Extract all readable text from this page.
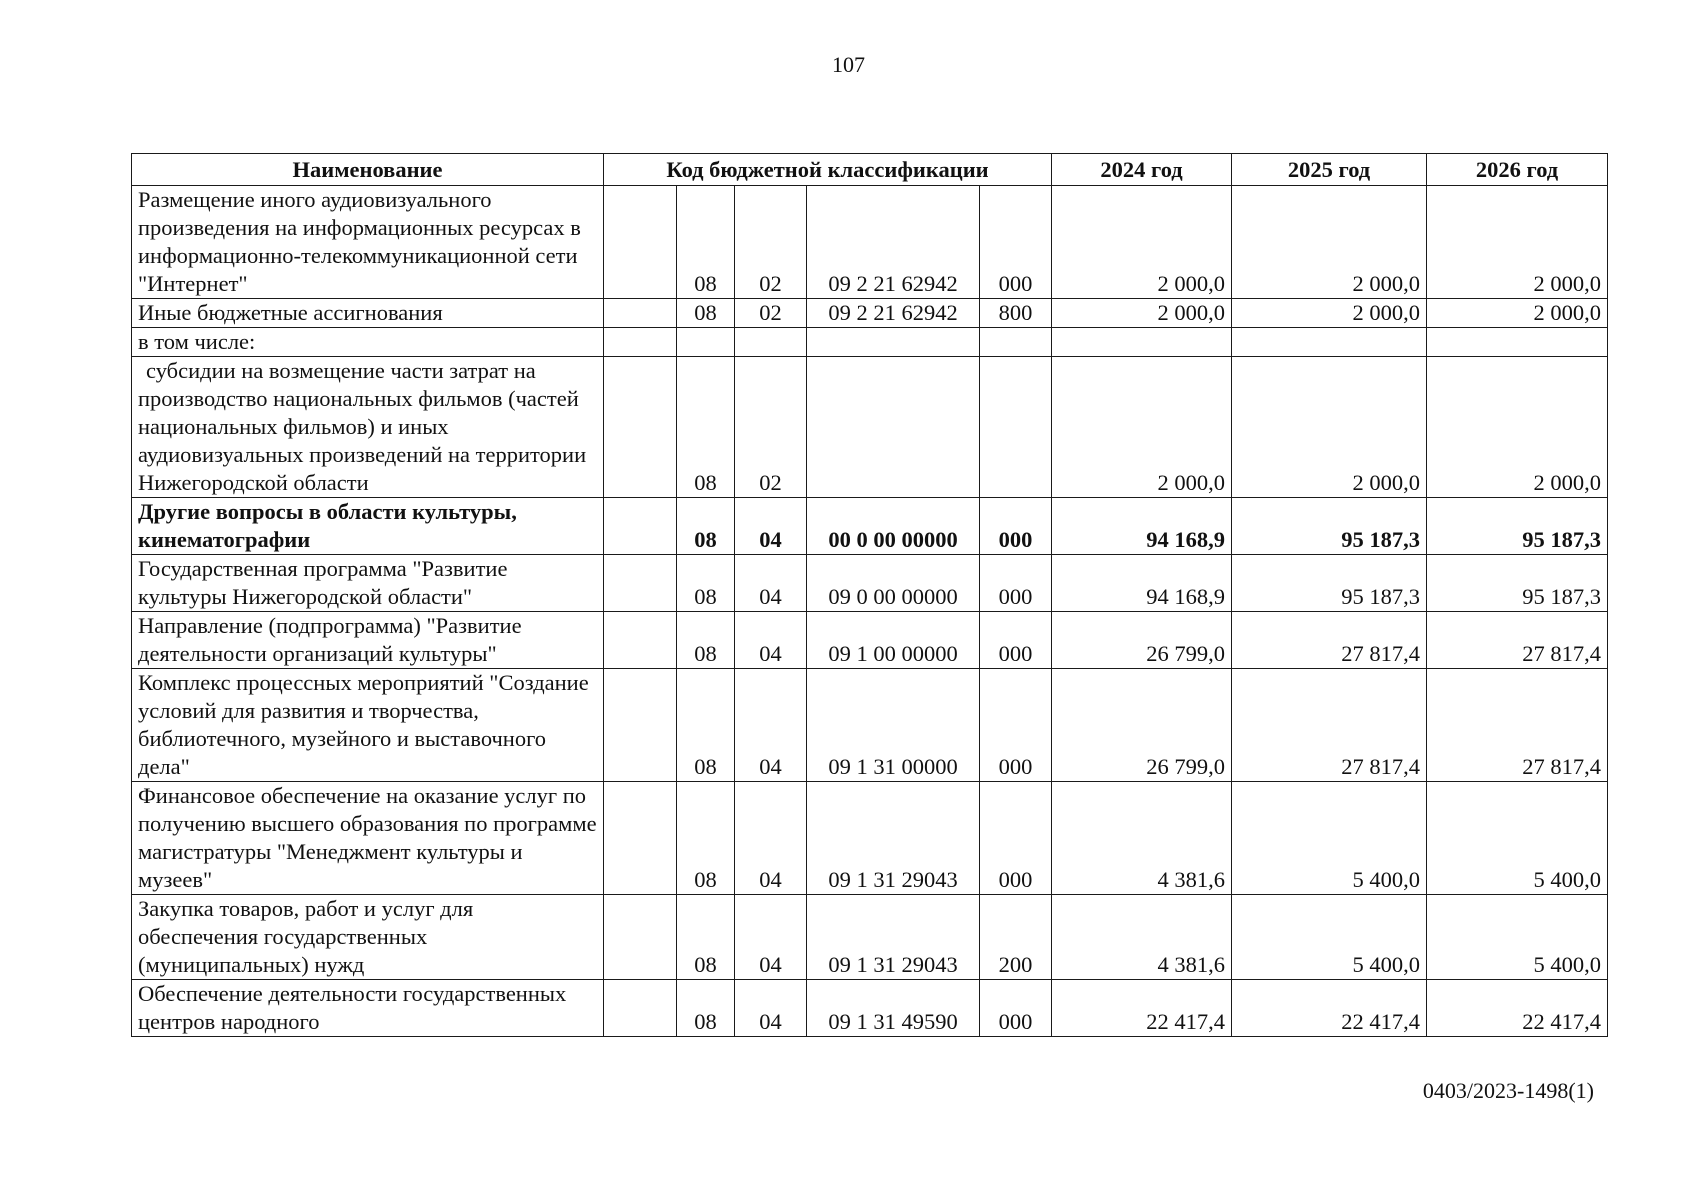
107
Наименование	Код бюджетной классификации					2024 год	2025 год	2026 год
Размещение иного аудиовизуального произведения на информационных ресурсах в информационно-телекоммуникационной сети "Интернет"		08	02	09 2 21 62942	000	2 000,0	2 000,0	2 000,0
Иные бюджетные ассигнования		08	02	09 2 21 62942	800	2 000,0	2 000,0	2 000,0
в том числе:								
субсидии на возмещение части затрат на производство национальных фильмов (частей национальных фильмов) и иных аудиовизуальных произведений на территории Нижегородской области		08	02			2 000,0	2 000,0	2 000,0
Другие вопросы в области культуры, кинематографии		08	04	00 0 00 00000	000	94 168,9	95 187,3	95 187,3
Государственная программа "Развитие культуры Нижегородской области"		08	04	09 0 00 00000	000	94 168,9	95 187,3	95 187,3
Направление (подпрограмма) "Развитие деятельности организаций культуры"		08	04	09 1 00 00000	000	26 799,0	27 817,4	27 817,4
Комплекс процессных мероприятий "Создание условий для развития и творчества, библиотечного, музейного и выставочного дела"		08	04	09 1 31 00000	000	26 799,0	27 817,4	27 817,4
Финансовое обеспечение на оказание услуг по получению высшего образования по программе магистратуры "Менеджмент культуры и музеев"		08	04	09 1 31 29043	000	4 381,6	5 400,0	5 400,0
Закупка товаров, работ и услуг для обеспечения государственных (муниципальных) нужд		08	04	09 1 31 29043	200	4 381,6	5 400,0	5 400,0
Обеспечение деятельности государственных центров народного		08	04	09 1 31 49590	000	22 417,4	22 417,4	22 417,4
0403/2023-1498(1)
